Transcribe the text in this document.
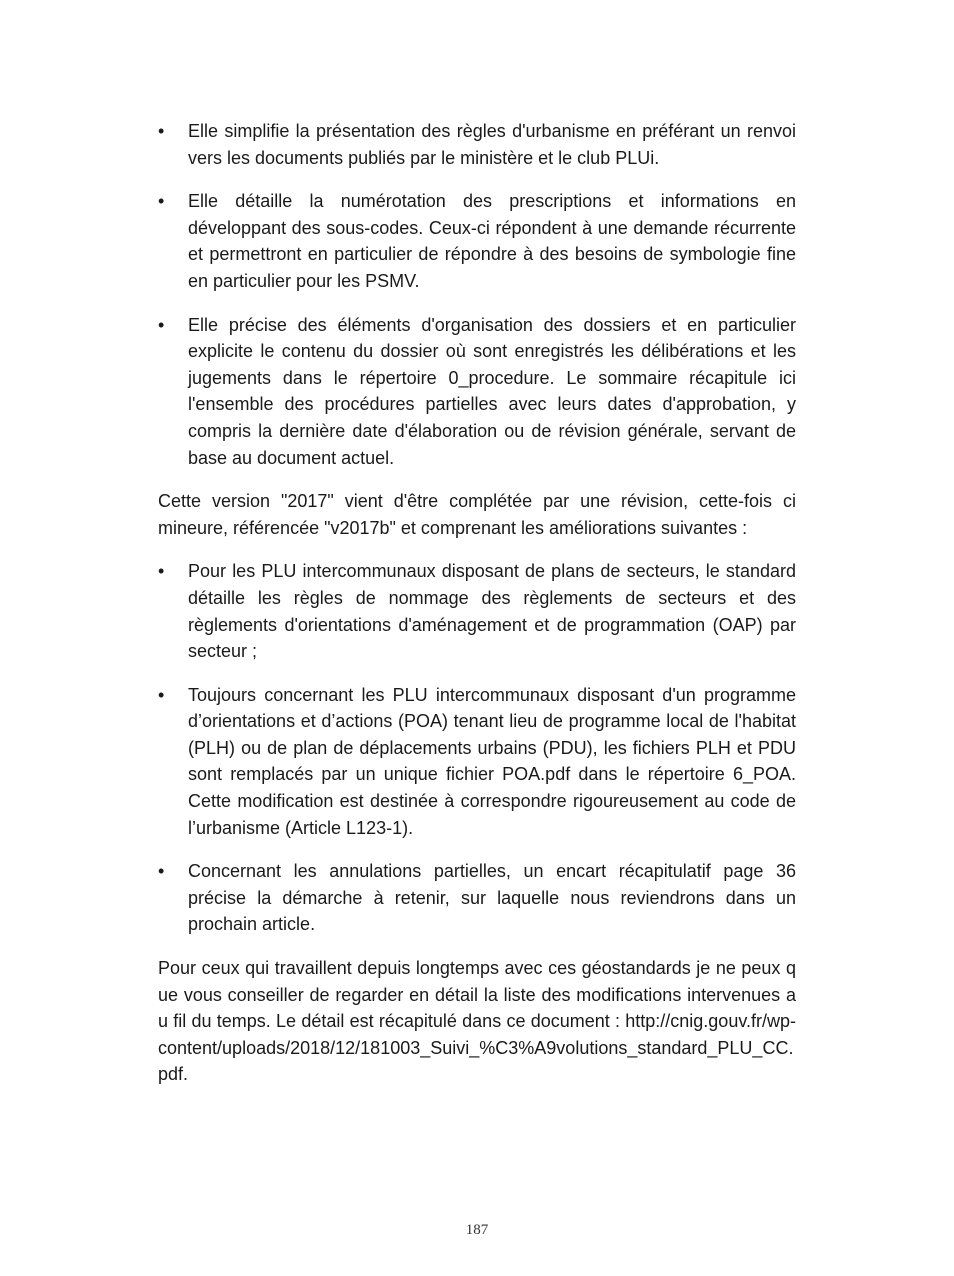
•	Elle simplifie la présentation des règles d'urbanisme en préférant un renvoi vers les documents publiés par le ministère et le club PLUi.
•	Elle détaille la numérotation des prescriptions et informations en développant des sous-codes. Ceux-ci répondent à une demande récurrente et permettront en particulier de répondre à des besoins de symbologie fine en particulier pour les PSMV.
•	Elle précise des éléments d'organisation des dossiers et en particulier explicite le contenu du dossier où sont enregistrés les délibérations et les jugements dans le répertoire 0_procedure. Le sommaire récapitule ici l'ensemble des procédures partielles avec leurs dates d'approbation, y compris la dernière date d'élaboration ou de révision générale, servant de base au document actuel.

Cette version "2017" vient d'être complétée par une révision, cette-fois ci mineure, référencée "v2017b" et comprenant les améliorations suivantes :

•	Pour les PLU intercommunaux disposant de plans de secteurs, le standard détaille les règles de nommage des règlements de secteurs et des règlements d'orientations d'aménagement et de programmation (OAP) par secteur ;
•	Toujours concernant les PLU intercommunaux disposant d'un programme d’orientations et d’actions (POA) tenant lieu de programme local de l'habitat (PLH) ou de plan de déplacements urbains (PDU), les fichiers PLH et PDU sont remplacés par un unique fichier POA.pdf dans le répertoire 6_POA. Cette modification est destinée à correspondre rigoureusement au code de l’urbanisme (Article L123-1).
•	Concernant les annulations partielles, un encart récapitulatif page 36 précise la démarche à retenir, sur laquelle nous reviendrons dans un prochain article.

Pour ceux qui travaillent depuis longtemps avec ces géostandards je ne peux que vous conseiller de regarder en détail la liste des modifications intervenues au fil du temps. Le détail est récapitulé dans ce document : http://cnig.gouv.fr/wp-content/uploads/2018/12/181003_Suivi_%C3%A9volutions_standard_PLU_CC.pdf.

187
